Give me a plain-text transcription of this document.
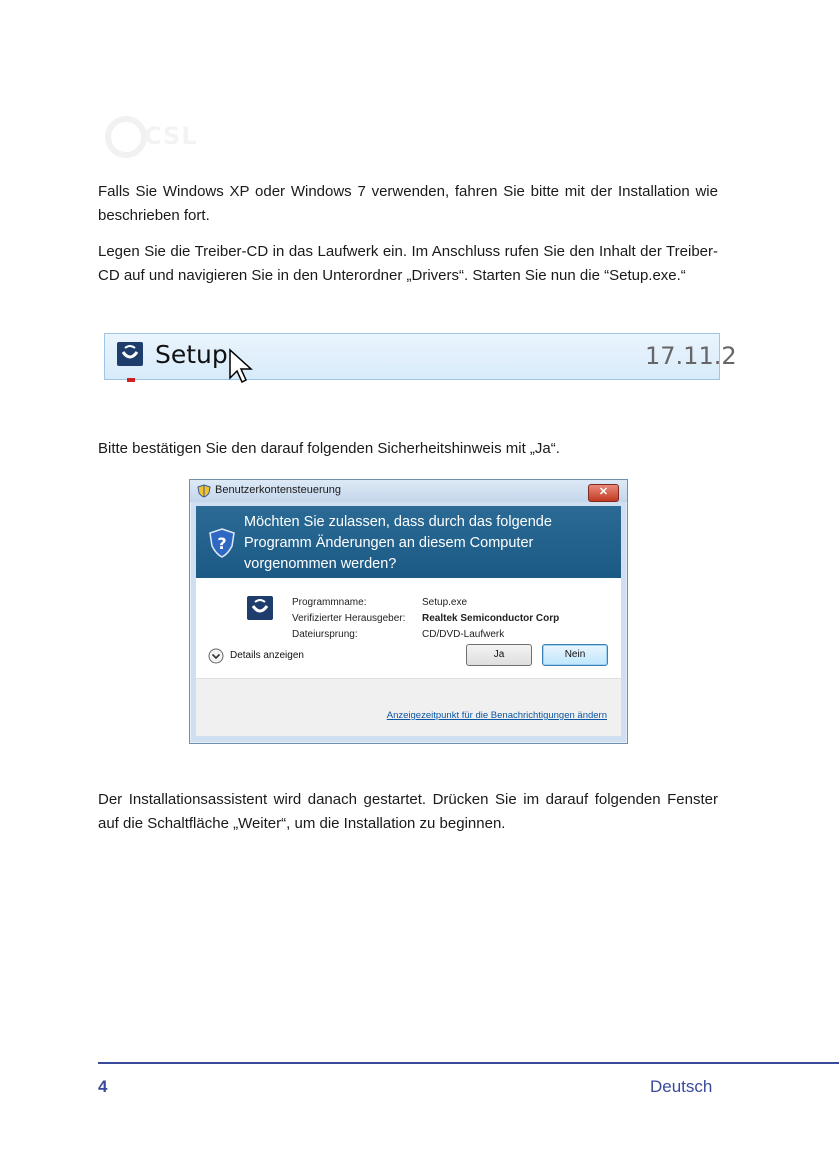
CSL
Falls Sie Windows XP oder Windows 7 verwenden, fahren Sie bitte mit der Installation wie beschrieben fort.
Legen Sie die Treiber-CD in das Laufwerk ein. Im Anschluss rufen Sie den Inhalt der Treiber-CD auf und navigieren Sie in den Unterordner „Drivers“. Starten Sie nun die “Setup.exe.“
Setup	17.11.2
Bitte bestätigen Sie den darauf folgenden Sicherheitshinweis mit „Ja“.
Benutzerkontensteuerung	✕
?
Möchten Sie zulassen, dass durch das folgende Programm Änderungen an diesem Computer vorgenommen werden?
Programmname:	Setup.exe
Verifizierter Herausgeber: Realtek Semiconductor Corp
Dateiursprung:	CD/DVD-Laufwerk
Details anzeigen	Ja	Nein
Anzeigezeitpunkt für die Benachrichtigungen ändern
Der Installationsassistent wird danach gestartet. Drücken Sie im darauf folgenden Fenster auf die Schaltfläche „Weiter“, um die Installation zu beginnen.
4	Deutsch
